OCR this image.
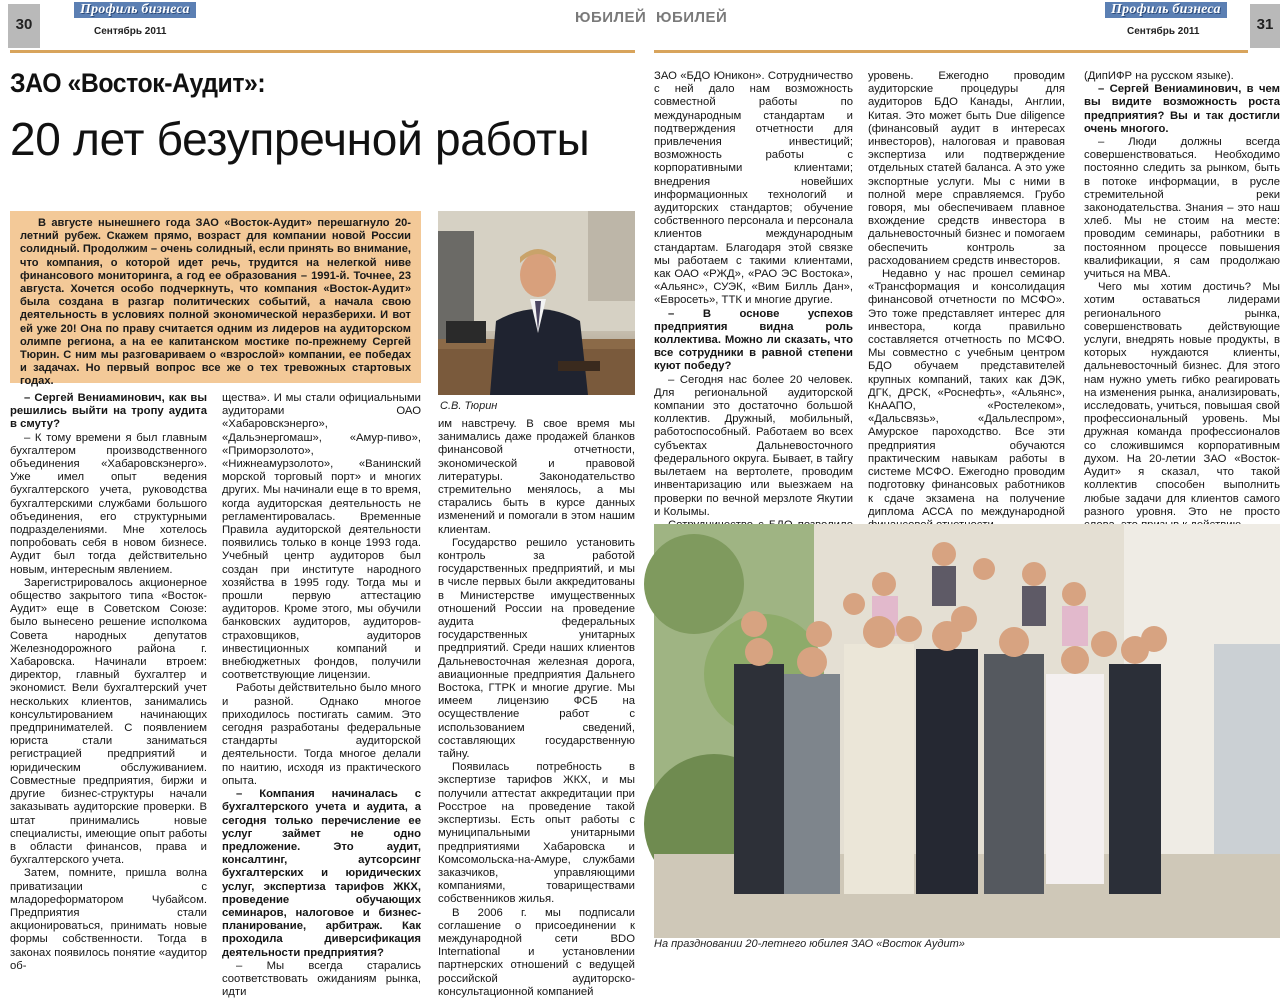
30
Профиль бизнеса
Сентябрь 2011
ЮБИЛЕЙ
ЗАО «Восток-Аудит»:
20 лет безупречной работы
В августе нынешнего года ЗАО «Восток-Аудит» перешагнуло 20-летний рубеж. Скажем прямо, возраст для компании новой России солидный. Продолжим – очень солидный, если принять во внимание, что компания, о которой идет речь, трудится на нелегкой ниве финансового мониторинга, а год ее образования – 1991-й. Точнее, 23 августа. Хочется особо подчеркнуть, что компания «Восток-Аудит» была создана в разгар политических событий, а начала свою деятельность в условиях полной экономической неразберихи. И вот ей уже 20! Она по праву считается одним из лидеров на аудиторском олимпе региона, а на ее капитанском мостике по-прежнему Сергей Тюрин. С ним мы разговариваем о «взрослой» компании, ее победах и задачах. Но первый вопрос все же о тех тревожных стартовых годах.
С.В. Тюрин

– Сергей Вениаминович, как вы решились выйти на тропу аудита в смуту?

– К тому времени я был главным бухгалтером производственного объединения «Хабаровскэнерго». Уже имел опыт ведения бухгалтерского учета, руководства бухгалтерскими службами большого объединения, его структурными подразделениями. Мне хотелось попробовать себя в новом бизнесе. Аудит был тогда действительно новым, интересным явлением.

Зарегистрировалось акционерное общество закрытого типа «Восток-Аудит» еще в Советском Союзе: было вынесено решение исполкома Совета народных депутатов Железнодорожного района г. Хабаровска. Начинали втроем: директор, главный бухгалтер и экономист. Вели бухгалтерский учет нескольких клиентов, занимались консультированием начинающих предпринимателей. С появлением юриста стали заниматься регистрацией предприятий и юридическим обслуживанием. Совместные предприятия, биржи и другие бизнес-структуры начали заказывать аудиторские проверки. В штат принимались новые специалисты, имеющие опыт работы в области финансов, права и бухгалтерского учета.

Затем, помните, пришла волна приватизации с младореформатором Чубайсом. Предприятия стали акционироваться, принимать новые формы собственности. Тогда в законах появилось понятие «аудитор об-

щества». И мы стали официальными аудиторами ОАО «Хабаровскэнерго», «Дальэнергомаш», «Амур-пиво», «Приморзолото», «Нижнеамурзолото», «Ванинский морской торговый порт» и многих других. Мы начинали еще в то время, когда аудиторская деятельность не регламентировалась. Временные Правила аудиторской деятельности появились только в конце 1993 года. Учебный центр аудиторов был создан при институте народного хозяйства в 1995 году. Тогда мы и прошли первую аттестацию аудиторов. Кроме этого, мы обучили банковских аудиторов, аудиторов-страховщиков, аудиторов инвестиционных компаний и внебюджетных фондов, получили соответствующие лицензии.

Работы действительно было много и разной. Однако многое приходилось постигать самим. Это сегодня разработаны федеральные стандарты аудиторской деятельности. Тогда многое делали по наитию, исходя из практического опыта.

– Компания начиналась с бухгалтерского учета и аудита, а сегодня только перечисление ее услуг займет не одно предложение. Это аудит, консалтинг, аутсорсинг бухгалтерских и юридических услуг, экспертиза тарифов ЖКХ, проведение обучающих семинаров, налоговое и бизнес-планирование, арбитраж. Как проходила диверсификация деятельности предприятия?

– Мы всегда старались соответствовать ожиданиям рынка, идти

им навстречу. В свое время мы занимались даже продажей бланков финансовой отчетности, экономической и правовой литературы. Законодательство стремительно менялось, а мы старались быть в курсе данных изменений и помогали в этом нашим клиентам.

Государство решило установить контроль за работой государственных предприятий, и мы в числе первых были аккредитованы в Министерстве имущественных отношений России на проведение аудита федеральных государственных унитарных предприятий. Среди наших клиентов Дальневосточная железная дорога, авиационные предприятия Дальнего Востока, ГТРК и многие другие. Мы имеем лицензию ФСБ на осуществление работ с использованием сведений, составляющих государственную тайну.

Появилась потребность в экспертизе тарифов ЖКХ, и мы получили аттестат аккредитации при Росстрое на проведение такой экспертизы. Есть опыт работы с муниципальными унитарными предприятиями Хабаровска и Комсомольска-на-Амуре, службами заказчиков, управляющими компаниями, товариществами собственников жилья.

В 2006 г. мы подписали соглашение о присоединении к международной сети BDO International и установлении партнерских отношений с ведущей российской аудиторско-консультационной компанией

ЮБИЛЕЙ	Профиль бизнеса
Сентябрь 2011	31

ЗАО «БДО Юникон». Сотрудничество с ней дало нам возможность совместной работы по международным стандартам и подтверждения отчетности для привлечения инвестиций; возможность работы с корпоративными клиентами; внедрения новейших информационных технологий и аудиторских стандартов; обучение собственного персонала и персонала клиентов международным стандартам. Благодаря этой связке мы работаем с такими клиентами, как ОАО «РЖД», «РАО ЭС Востока», «Альянс», СУЭК, «Вим Билль Дан», «Евросеть», ТТК и многие другие.

– В основе успехов предприятия видна роль коллектива. Можно ли сказать, что все сотрудники в равной степени куют победу?

– Сегодня нас более 20 человек. Для региональной аудиторской компании это достаточно большой коллектив. Дружный, мобильный, работоспособный. Работаем во всех субъектах Дальневосточного федерального округа. Бывает, в тайгу вылетаем на вертолете, проводим инвентаризацию или выезжаем на проверки по вечной мерзлоте Якутии и Колымы.

уровень. Ежегодно проводим аудиторские процедуры для аудиторов БДО Канады, Англии, Китая. Это может быть Due diligence (финансовый аудит в интересах инвесторов), налоговая и правовая экспертиза или подтверждение отдельных статей баланса. А это уже экспортные услуги. Мы с ними в полной мере справляемся. Грубо говоря, мы обеспечиваем плавное вхождение средств инвестора в дальневосточный бизнес и помогаем обеспечить контроль за расходованием средств инвесторов.

Недавно у нас прошел семинар «Трансформация и консолидация финансовой отчетности по МСФО». Это тоже представляет интерес для инвестора, когда правильно составляется отчетность по МСФО. Мы совместно с учебным центром БДО обучаем представителей крупных компаний, таких как ДЭК, ДГК, ДРСК, «Роснефть», «Альянс», КнААПО, «Ростелеком», «Дальсвязь», «Дальлеспром», Амурское пароходство. Все эти предприятия обучаются практическим навыкам работы в системе МСФО. Ежегодно проводим подготовку финансовых работников к сдаче экзамена на получение диплома АССА по международной

(ДипИФР на русском языке).

– Сергей Вениаминович, в чем вы видите возможность роста предприятия? Вы и так достигли очень многого.

– Люди должны всегда совершенствоваться. Необходимо постоянно следить за рынком, быть в потоке информации, в русле стремительной реки законодательства. Знания – это наш хлеб. Мы не стоим на месте: проводим семинары, работники в постоянном процессе повышения квалификации, я сам продолжаю учиться на МВА.

Чего мы хотим достичь? Мы хотим оставаться лидерами регионального рынка, совершенствовать действующие услуги, внедрять новые продукты, в которых нуждаются клиенты, дальневосточный бизнес. Для этого нам нужно уметь гибко реагировать на изменения рынка, анализировать, исследовать, учиться, повышая свой профессиональный уровень. Мы дружная команда профессионалов со сложившимся корпоративным духом. На 20-летии ЗАО «Восток-Аудит» я сказал, что такой коллектив способен выполнить любые задачи для клиентов самого разного уровня. Это не просто

На праздновании 20-летнего юбилея ЗАО «Восток Аудит»
